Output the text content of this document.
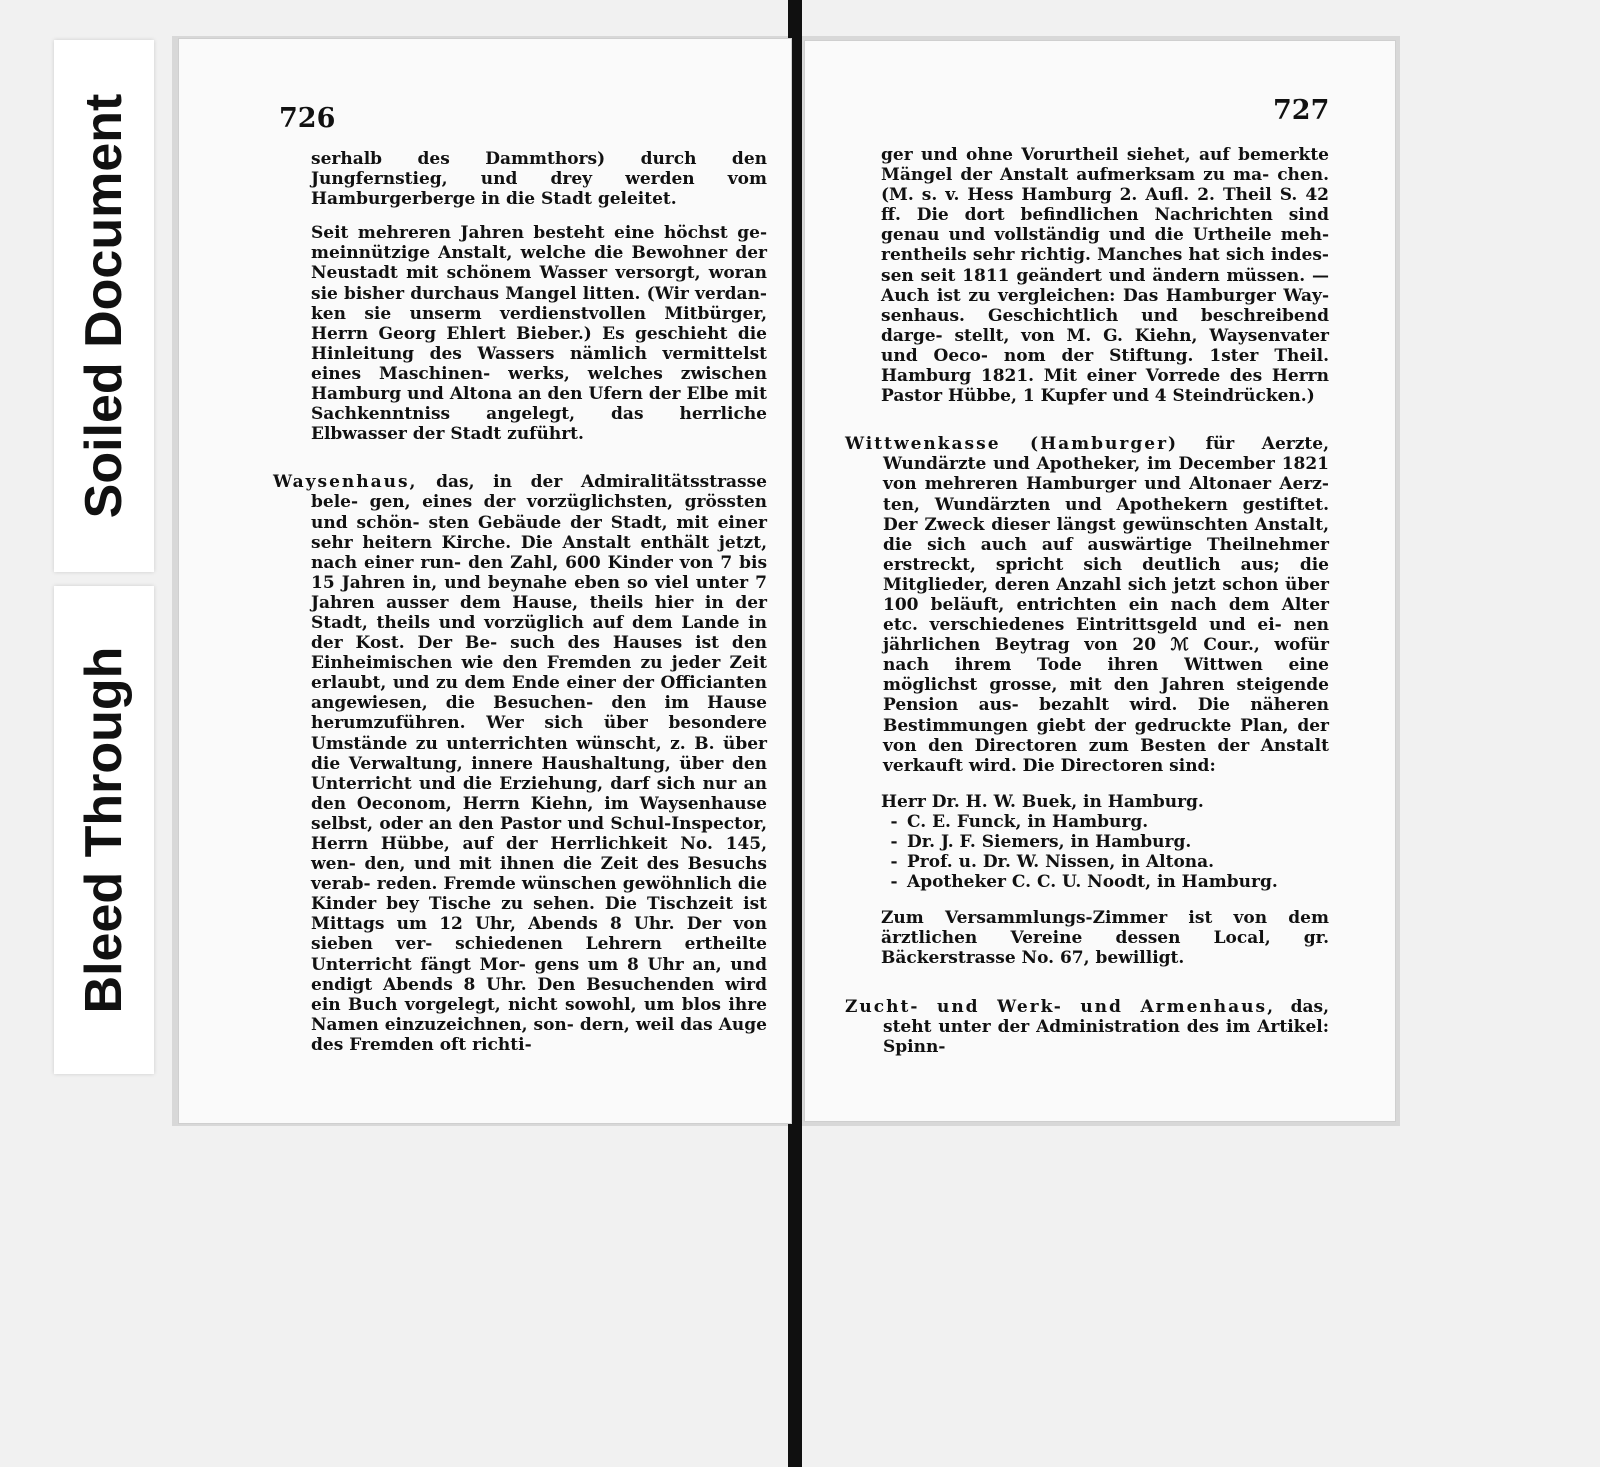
Soiled Document
Bleed Through
726

serhalb des Dammthors) durch den Jungfernstieg, und drey werden vom Hamburgerberge in die Stadt geleitet.

Seit mehreren Jahren besteht eine höchst ge- meinnützige Anstalt, welche die Bewohner der Neustadt mit schönem Wasser versorgt, woran sie bisher durchaus Mangel litten. (Wir verdan- ken sie unserm verdienstvollen Mitbürger, Herrn Georg Ehlert Bieber.) Es geschieht die Hinleitung des Wassers nämlich vermittelst eines Maschinen- werks, welches zwischen Hamburg und Altona an den Ufern der Elbe mit Sachkenntniss angelegt, das herrliche Elbwasser der Stadt zuführt.

Waysenhaus, das, in der Admiralitätsstrasse bele- gen, eines der vorzüglichsten, grössten und schön- sten Gebäude der Stadt, mit einer sehr heitern Kirche. Die Anstalt enthält jetzt, nach einer run- den Zahl, 600 Kinder von 7 bis 15 Jahren in, und beynahe eben so viel unter 7 Jahren ausser dem Hause, theils hier in der Stadt, theils und vorzüglich auf dem Lande in der Kost. Der Be- such des Hauses ist den Einheimischen wie den Fremden zu jeder Zeit erlaubt, und zu dem Ende einer der Officianten angewiesen, die Besuchen- den im Hause herumzuführen. Wer sich über besondere Umstände zu unterrichten wünscht, z. B. über die Verwaltung, innere Haushaltung, über den Unterricht und die Erziehung, darf sich nur an den Oeconom, Herrn Kiehn, im Waysenhause selbst, oder an den Pastor und Schul-Inspector, Herrn Hübbe, auf der Herrlichkeit No. 145, wen- den, und mit ihnen die Zeit des Besuchs verab- reden. Fremde wünschen gewöhnlich die Kinder bey Tische zu sehen. Die Tischzeit ist Mittags um 12 Uhr, Abends 8 Uhr. Der von sieben ver- schiedenen Lehrern ertheilte Unterricht fängt Mor- gens um 8 Uhr an, und endigt Abends 8 Uhr. Den Besuchenden wird ein Buch vorgelegt, nicht sowohl, um blos ihre Namen einzuzeichnen, son- dern, weil das Auge des Fremden oft richti-

727

ger und ohne Vorurtheil siehet, auf bemerkte Mängel der Anstalt aufmerksam zu ma- chen. (M. s. v. Hess Hamburg 2. Aufl. 2. Theil S. 42 ff. Die dort befindlichen Nachrichten sind genau und vollständig und die Urtheile meh- rentheils sehr richtig. Manches hat sich indes- sen seit 1811 geändert und ändern müssen. — Auch ist zu vergleichen: Das Hamburger Way- senhaus. Geschichtlich und beschreibend darge- stellt, von M. G. Kiehn, Waysenvater und Oeco- nom der Stiftung. 1ster Theil. Hamburg 1821. Mit einer Vorrede des Herrn Pastor Hübbe, 1 Kupfer und 4 Steindrücken.)

Wittwenkasse (Hamburger) für Aerzte, Wundärzte und Apotheker, im December 1821 von mehreren Hamburger und Altonaer Aerz- ten, Wundärzten und Apothekern gestiftet. Der Zweck dieser längst gewünschten Anstalt, die sich auch auf auswärtige Theilnehmer erstreckt, spricht sich deutlich aus; die Mitglieder, deren Anzahl sich jetzt schon über 100 beläuft, entrichten ein nach dem Alter etc. verschiedenes Eintrittsgeld und ei- nen jährlichen Beytrag von 20 ℳ Cour., wofür nach ihrem Tode ihren Wittwen eine möglichst grosse, mit den Jahren steigende Pension aus- bezahlt wird. Die näheren Bestimmungen giebt der gedruckte Plan, der von den Directoren zum Besten der Anstalt verkauft wird. Die Directoren sind:

Herr Dr. H. W. Buek, in Hamburg.
- C. E. Funck, in Hamburg.
- Dr. J. F. Siemers, in Hamburg.
- Prof. u. Dr. W. Nissen, in Altona.
- Apotheker C. C. U. Noodt, in Hamburg.

Zum Versammlungs-Zimmer ist von dem ärztlichen Vereine dessen Local, gr. Bäckerstrasse No. 67, bewilligt.

Zucht- und Werk- und Armenhaus, das, steht unter der Administration des im Artikel: Spinn-
